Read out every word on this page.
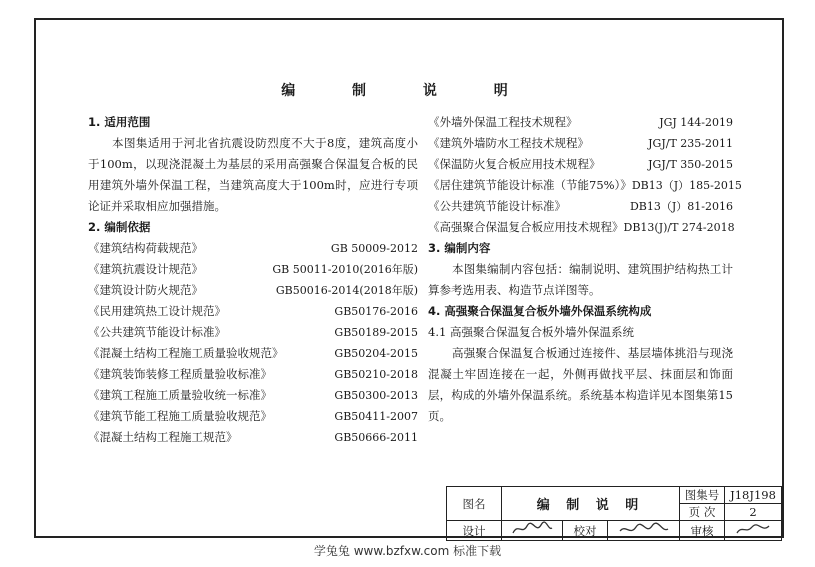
编 制 说 明
1. 适用范围
本图集适用于河北省抗震设防烈度不大于8度，建筑高度小于100m，以现浇混凝土为基层的采用高强聚合保温复合板的民用建筑外墙外保温工程，当建筑高度大于100m时，应进行专项论证并采取相应加强措施。
2. 编制依据
《建筑结构荷载规范》	GB 50009-2012
《建筑抗震设计规范》	GB 50011-2010(2016年版)
《建筑设计防火规范》	GB50016-2014(2018年版)
《民用建筑热工设计规范》	GB50176-2016
《公共建筑节能设计标准》	GB50189-2015
《混凝土结构工程施工质量验收规范》	GB50204-2015
《建筑装饰装修工程质量验收标准》	GB50210-2018
《建筑工程施工质量验收统一标准》	GB50300-2013
《建筑节能工程施工质量验收规范》	GB50411-2007
《混凝土结构工程施工规范》	GB50666-2011
《外墙外保温工程技术规程》	JGJ 144-2019
《建筑外墙防水工程技术规程》	JGJ/T 235-2011
《保温防火复合板应用技术规程》	JGJ/T 350-2015
《居住建筑节能设计标准（节能75%）》 DB13（J）185-2015
《公共建筑节能设计标准》	DB13（J）81-2016
《高强聚合保温复合板应用技术规程》 DB13(J)/T 274-2018
3. 编制内容
本图集编制内容包括：编制说明、建筑围护结构热工计算参考选用表、构造节点详图等。
4. 高强聚合保温复合板外墙外保温系统构成
4.1 高强聚合保温复合板外墙外保温系统
高强聚合保温复合板通过连接件、基层墙体挑沿与现浇混凝土牢固连接在一起，外侧再做找平层、抹面层和饰面层，构成的外墙外保温系统。系统基本构造详见本图集第15页。
图名	编 制 说 明			图集号	J18J198
				页 次	2
设计		校对		审核	
学兔兔 www.bzfxw.com 标准下载
